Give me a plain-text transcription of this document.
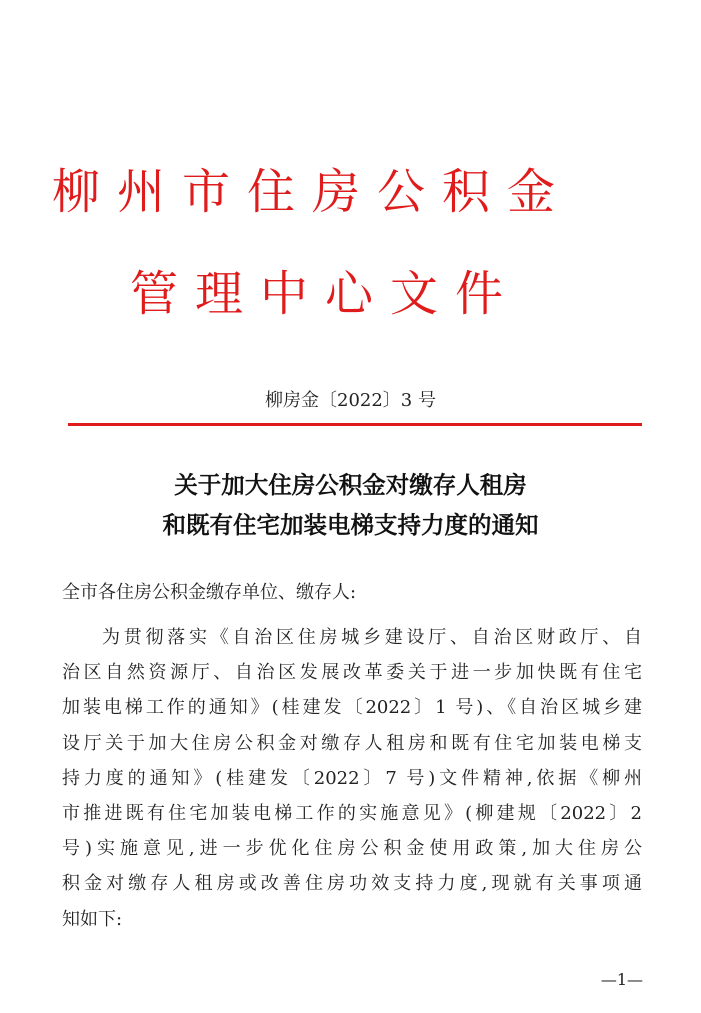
柳州市住房公积金
管理中心文件
柳房金〔2022〕3 号
关于加大住房公积金对缴存人租房
和既有住宅加装电梯支持力度的通知
全市各住房公积金缴存单位、缴存人:
为贯彻落实《自治区住房城乡建设厅、自治区财政厅、自
治区自然资源厅、自治区发展改革委关于进一步加快既有住宅
加装电梯工作的通知》(桂建发〔2022〕1 号)、《自治区城乡建
设厅关于加大住房公积金对缴存人租房和既有住宅加装电梯支
持力度的通知》(桂建发〔2022〕7 号)文件精神,依据《柳州
市推进既有住宅加装电梯工作的实施意见》(柳建规〔2022〕2
号)实施意见,进一步优化住房公积金使用政策,加大住房公
积金对缴存人租房或改善住房功效支持力度,现就有关事项通
知如下:
—1—
